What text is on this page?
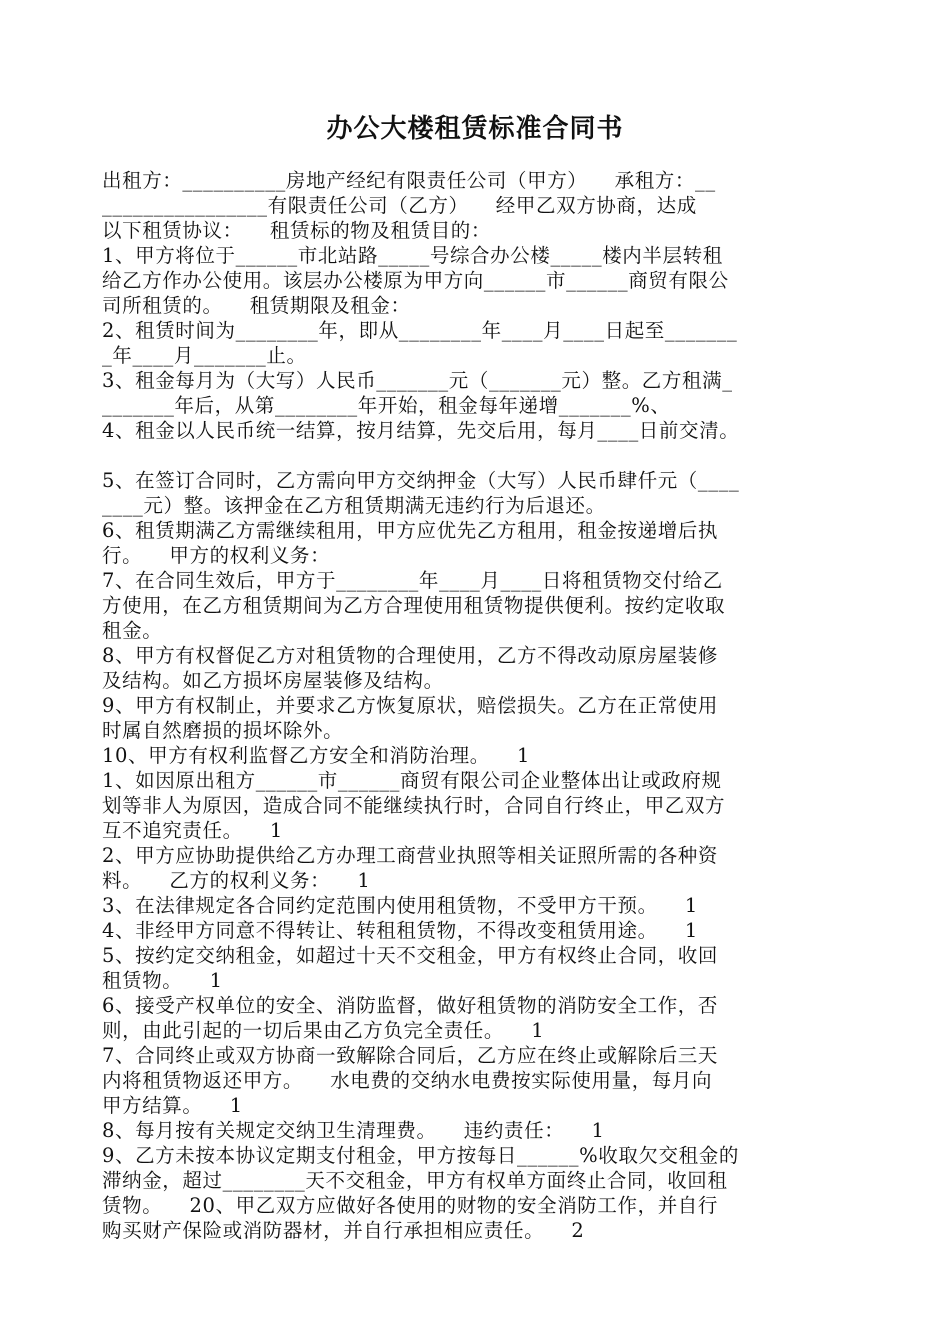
办公大楼租赁标准合同书
出租方：__________房地产经纪有限责任公司（甲方）    承租方：__
________________有限责任公司（乙方）    经甲乙双方协商，达成
以下租赁协议：    租赁标的物及租赁目的：
1、甲方将位于______市北站路_____号综合办公楼_____楼内半层转租
给乙方作办公使用。该层办公楼原为甲方向______市______商贸有限公
司所租赁的。    租赁期限及租金：
2、租赁时间为________年，即从________年____月____日起至_______
_年____月_______止。
3、租金每月为（大写）人民币_______元（_______元）整。乙方租满_
_______年后，从第________年开始，租金每年递增_______%、
4、租金以人民币统一结算，按月结算，先交后用，每月____日前交清。
5、在签订合同时，乙方需向甲方交纳押金（大写）人民币肆仟元（____
____元）整。该押金在乙方租赁期满无违约行为后退还。
6、租赁期满乙方需继续租用，甲方应优先乙方租用，租金按递增后执
行。    甲方的权利义务：
7、在合同生效后，甲方于________年____月____日将租赁物交付给乙
方使用，在乙方租赁期间为乙方合理使用租赁物提供便利。按约定收取
租金。
8、甲方有权督促乙方对租赁物的合理使用，乙方不得改动原房屋装修
及结构。如乙方损坏房屋装修及结构。
9、甲方有权制止，并要求乙方恢复原状，赔偿损失。乙方在正常使用
时属自然磨损的损坏除外。
10、甲方有权利监督乙方安全和消防治理。    1
1、如因原出租方______市______商贸有限公司企业整体出让或政府规
划等非人为原因，造成合同不能继续执行时，合同自行终止，甲乙双方
互不追究责任。    1
2、甲方应协助提供给乙方办理工商营业执照等相关证照所需的各种资
料。    乙方的权利义务：    1
3、在法律规定各合同约定范围内使用租赁物，不受甲方干预。    1
4、非经甲方同意不得转让、转租租赁物，不得改变租赁用途。    1
5、按约定交纳租金，如超过十天不交租金，甲方有权终止合同，收回
租赁物。    1
6、接受产权单位的安全、消防监督，做好租赁物的消防安全工作，否
则，由此引起的一切后果由乙方负完全责任。    1
7、合同终止或双方协商一致解除合同后，乙方应在终止或解除后三天
内将租赁物返还甲方。    水电费的交纳水电费按实际使用量，每月向
甲方结算。    1
8、每月按有关规定交纳卫生清理费。    违约责任：    1
9、乙方未按本协议定期支付租金，甲方按每日______%收取欠交租金的
滞纳金，超过________天不交租金，甲方有权单方面终止合同，收回租
赁物。    20、甲乙双方应做好各使用的财物的安全消防工作，并自行
购买财产保险或消防器材，并自行承担相应责任。    2
